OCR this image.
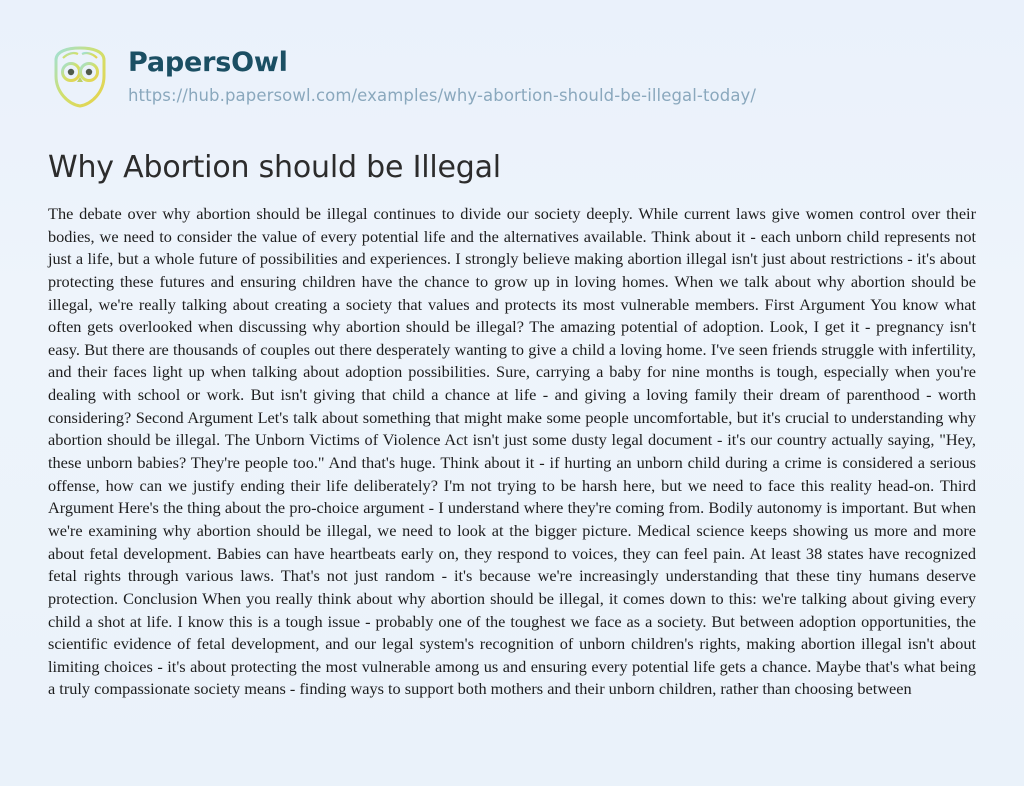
PapersOwl
https://hub.papersowl.com/examples/why-abortion-should-be-illegal-today/
Why Abortion should be Illegal

The debate over why abortion should be illegal continues to divide our society deeply. While current laws give women control over their bodies, we need to consider the value of every potential life and the alternatives available. Think about it - each unborn child represents not just a life, but a whole future of possibilities and experiences. I strongly believe making abortion illegal isn't just about restrictions - it's about protecting these futures and ensuring children have the chance to grow up in loving homes. When we talk about why abortion should be illegal, we're really talking about creating a society that values and protects its most vulnerable members. First Argument You know what often gets overlooked when discussing why abortion should be illegal? The amazing potential of adoption. Look, I get it - pregnancy isn't easy. But there are thousands of couples out there desperately wanting to give a child a loving home. I've seen friends struggle with infertility, and their faces light up when talking about adoption possibilities. Sure, carrying a baby for nine months is tough, especially when you're dealing with school or work. But isn't giving that child a chance at life - and giving a loving family their dream of parenthood - worth considering? Second Argument Let's talk about something that might make some people uncomfortable, but it's crucial to understanding why abortion should be illegal. The Unborn Victims of Violence Act isn't just some dusty legal document - it's our country actually saying, "Hey, these unborn babies? They're people too." And that's huge. Think about it - if hurting an unborn child during a crime is considered a serious offense, how can we justify ending their life deliberately? I'm not trying to be harsh here, but we need to face this reality head-on. Third Argument Here's the thing about the pro-choice argument - I understand where they're coming from. Bodily autonomy is important. But when we're examining why abortion should be illegal, we need to look at the bigger picture. Medical science keeps showing us more and more about fetal development. Babies can have heartbeats early on, they respond to voices, they can feel pain. At least 38 states have recognized fetal rights through various laws. That's not just random - it's because we're increasingly understanding that these tiny humans deserve protection. Conclusion When you really think about why abortion should be illegal, it comes down to this: we're talking about giving every child a shot at life. I know this is a tough issue - probably one of the toughest we face as a society. But between adoption opportunities, the scientific evidence of fetal development, and our legal system's recognition of unborn children's rights, making abortion illegal isn't about limiting choices - it's about protecting the most vulnerable among us and ensuring every potential life gets a chance. Maybe that's what being a truly compassionate society means - finding ways to support both mothers and their unborn children, rather than choosing between
